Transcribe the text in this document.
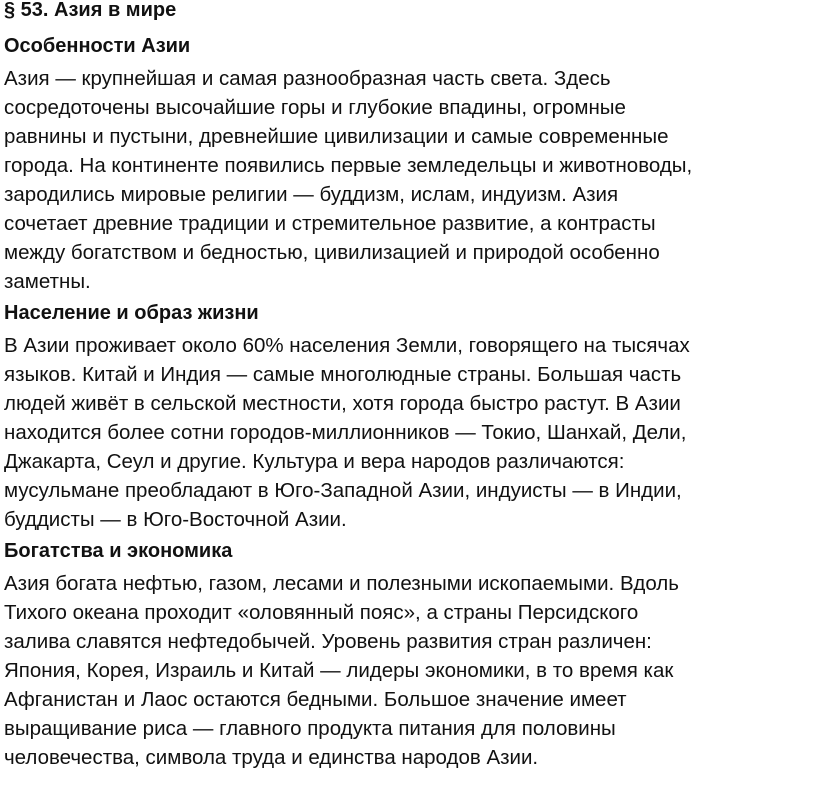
§ 53. Азия в мире
Особенности Азии
Азия — крупнейшая и самая разнообразная часть света. Здесь
сосредоточены высочайшие горы и глубокие впадины, огромные
равнины и пустыни, древнейшие цивилизации и самые современные
города. На континенте появились первые земледельцы и животноводы,
зародились мировые религии — буддизм, ислам, индуизм. Азия
сочетает древние традиции и стремительное развитие, а контрасты
между богатством и бедностью, цивилизацией и природой особенно
заметны.
Население и образ жизни
В Азии проживает около 60% населения Земли, говорящего на тысячах
языков. Китай и Индия — самые многолюдные страны. Большая часть
людей живёт в сельской местности, хотя города быстро растут. В Азии
находится более сотни городов-миллионников — Токио, Шанхай, Дели,
Джакарта, Сеул и другие. Культура и вера народов различаются:
мусульмане преобладают в Юго-Западной Азии, индуисты — в Индии,
буддисты — в Юго-Восточной Азии.
Богатства и экономика
Азия богата нефтью, газом, лесами и полезными ископаемыми. Вдоль
Тихого океана проходит «оловянный пояс», а страны Персидского
залива славятся нефтедобычей. Уровень развития стран различен:
Япония, Корея, Израиль и Китай — лидеры экономики, в то время как
Афганистан и Лаос остаются бедными. Большое значение имеет
выращивание риса — главного продукта питания для половины
человечества, символа труда и единства народов Азии.
